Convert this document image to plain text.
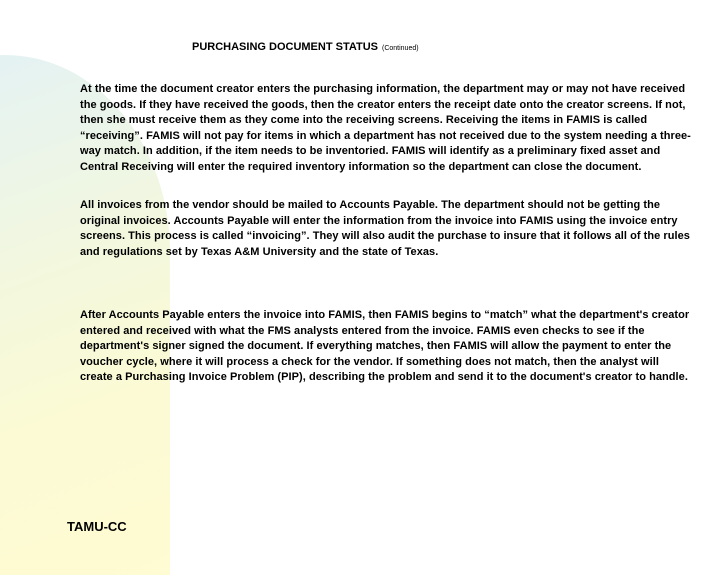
PURCHASING DOCUMENT STATUS (Continued)

At the time the document creator enters the purchasing information, the department may or may not have received the goods. If they have received the goods, then the creator enters the receipt date onto the creator screens. If not, then she must receive them as they come into the receiving screens. Receiving the items in FAMIS is called “receiving”. FAMIS will not pay for items in which a department has not received due to the system needing a three-way match. In addition, if the item needs to be inventoried. FAMIS will identify as a preliminary fixed asset and Central Receiving will enter the required inventory information so the department can close the document.

All invoices from the vendor should be mailed to Accounts Payable. The department should not be getting the original invoices. Accounts Payable will enter the information from the invoice into FAMIS using the invoice entry screens. This process is called “invoicing”. They will also audit the purchase to insure that it follows all of the rules and regulations set by Texas A&M University and the state of Texas.

After Accounts Payable enters the invoice into FAMIS, then FAMIS begins to “match” what the department's creator entered and received with what the FMS analysts entered from the invoice. FAMIS even checks to see if the department's signer signed the document. If everything matches, then FAMIS will allow the payment to enter the voucher cycle, where it will process a check for the vendor. If something does not match, then the analyst will create a Purchasing Invoice Problem (PIP), describing the problem and send it to the document's creator to handle.

TAMU-CC
